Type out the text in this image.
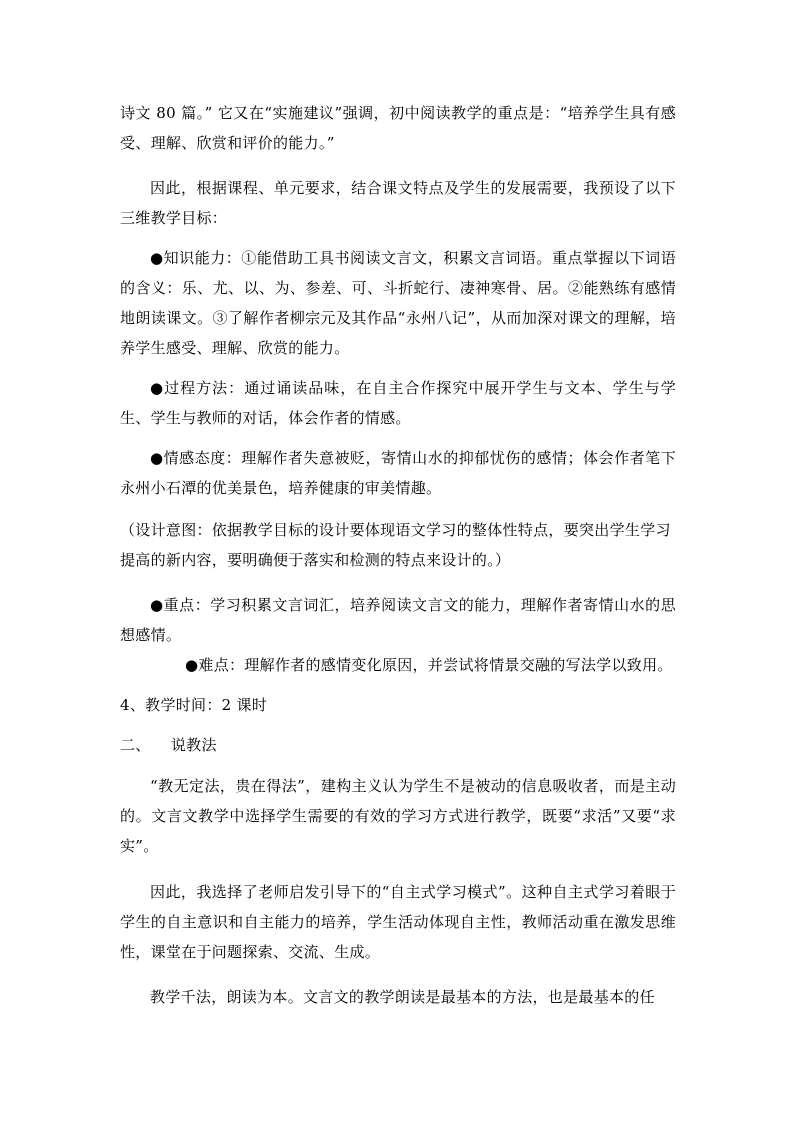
诗文 80 篇。” 它又在“实施建议”强调，初中阅读教学的重点是：“培养学生具有感受、理解、欣赏和评价的能力。”

因此，根据课程、单元要求，结合课文特点及学生的发展需要，我预设了以下三维教学目标：

●知识能力：①能借助工具书阅读文言文，积累文言词语。重点掌握以下词语的含义：乐、尤、以、为、参差、可、斗折蛇行、凄神寒骨、居。②能熟练有感情地朗读课文。③了解作者柳宗元及其作品“永州八记”，从而加深对课文的理解，培养学生感受、理解、欣赏的能力。

●过程方法：通过诵读品味，在自主合作探究中展开学生与文本、学生与学生、学生与教师的对话，体会作者的情感。

●情感态度：理解作者失意被贬，寄情山水的抑郁忧伤的感情；体会作者笔下永州小石潭的优美景色，培养健康的审美情趣。

（设计意图：依据教学目标的设计要体现语文学习的整体性特点，要突出学生学习提高的新内容，要明确便于落实和检测的特点来设计的。）

●重点：学习积累文言词汇，培养阅读文言文的能力，理解作者寄情山水的思想感情。

●难点：理解作者的感情变化原因，并尝试将情景交融的写法学以致用。

4、教学时间：2 课时

二、    说教法

“教无定法，贵在得法”，建构主义认为学生不是被动的信息吸收者，而是主动的。文言文教学中选择学生需要的有效的学习方式进行教学，既要“求活”又要“求实”。

因此，我选择了老师启发引导下的“自主式学习模式”。这种自主式学习着眼于学生的自主意识和自主能力的培养，学生活动体现自主性，教师活动重在激发思维性，课堂在于问题探索、交流、生成。

教学千法，朗读为本。文言文的教学朗读是最基本的方法，也是最基本的任
